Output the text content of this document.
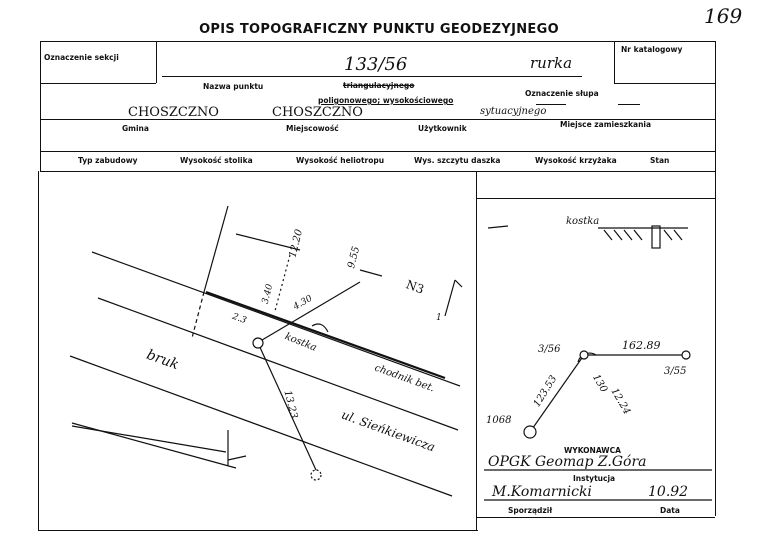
169
OPIS TOPOGRAFICZNY PUNKTU GEODEZYJNEGO
Oznaczenie sekcji
Nr katalogowy
133/56	rurka
Nazwa punktu	triangulacyjnego
poligonowego; wysokościowego
Oznaczenie słupa
CHOSZCZNO	CHOSZCZNO	sytuacyjnego
Gmina	Miejscowość	Użytkownik	Miejsce zamieszkania
Typ zabudowy	Wysokość stolika	Wysokość heliotropu	Wys. szczytu daszka	Wysokość krzyżaka	Stan
12.20	9.55
3.40 4.30
2.3
13.23
kostka
N3
1
bruk
chodnik bet.
ul. Sieńkiewicza
kostka
3/56
3/55
1068
162.89
123.53	130
12.24
WYKONAWCA
OPGK Geomap Z.Góra
Instytucja
M.Komarnicki	10.92
Sporządził	Data
